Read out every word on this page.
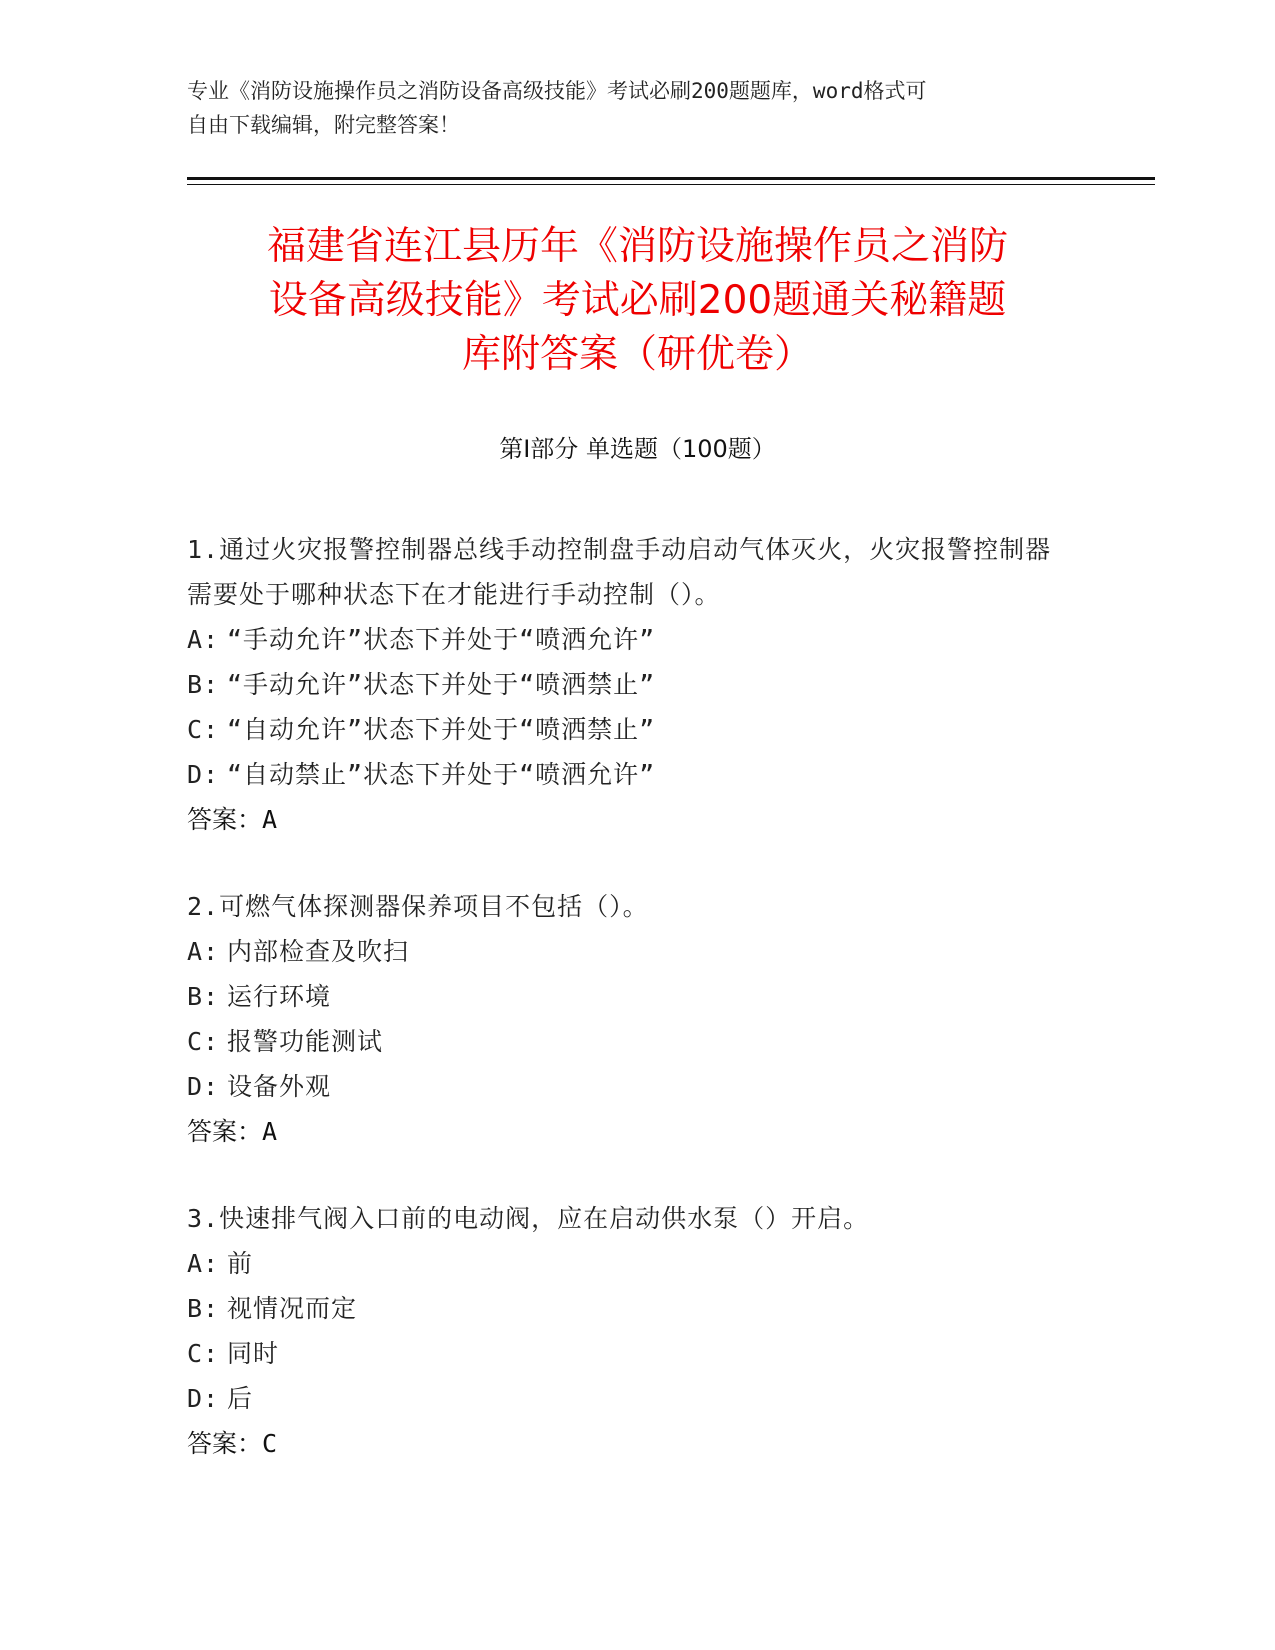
专业《消防设施操作员之消防设备高级技能》考试必刷200题题库，word格式可
自由下载编辑，附完整答案！
福建省连江县历年《消防设施操作员之消防
设备高级技能》考试必刷200题通关秘籍题
库附答案（研优卷）
第Ⅰ部分 单选题（100题）
1.通过火灾报警控制器总线手动控制盘手动启动气体灭火，火灾报警控制器需要处于哪种状态下在才能进行手动控制（）。
A: “手动允许”状态下并处于“喷洒允许”
B: “手动允许”状态下并处于“喷洒禁止”
C: “自动允许”状态下并处于“喷洒禁止”
D: “自动禁止”状态下并处于“喷洒允许”
答案：A
2.可燃气体探测器保养项目不包括（）。
A: 内部检查及吹扫
B: 运行环境
C: 报警功能测试
D: 设备外观
答案：A
3.快速排气阀入口前的电动阀，应在启动供水泵（）开启。
A: 前
B: 视情况而定
C: 同时
D: 后
答案：C
